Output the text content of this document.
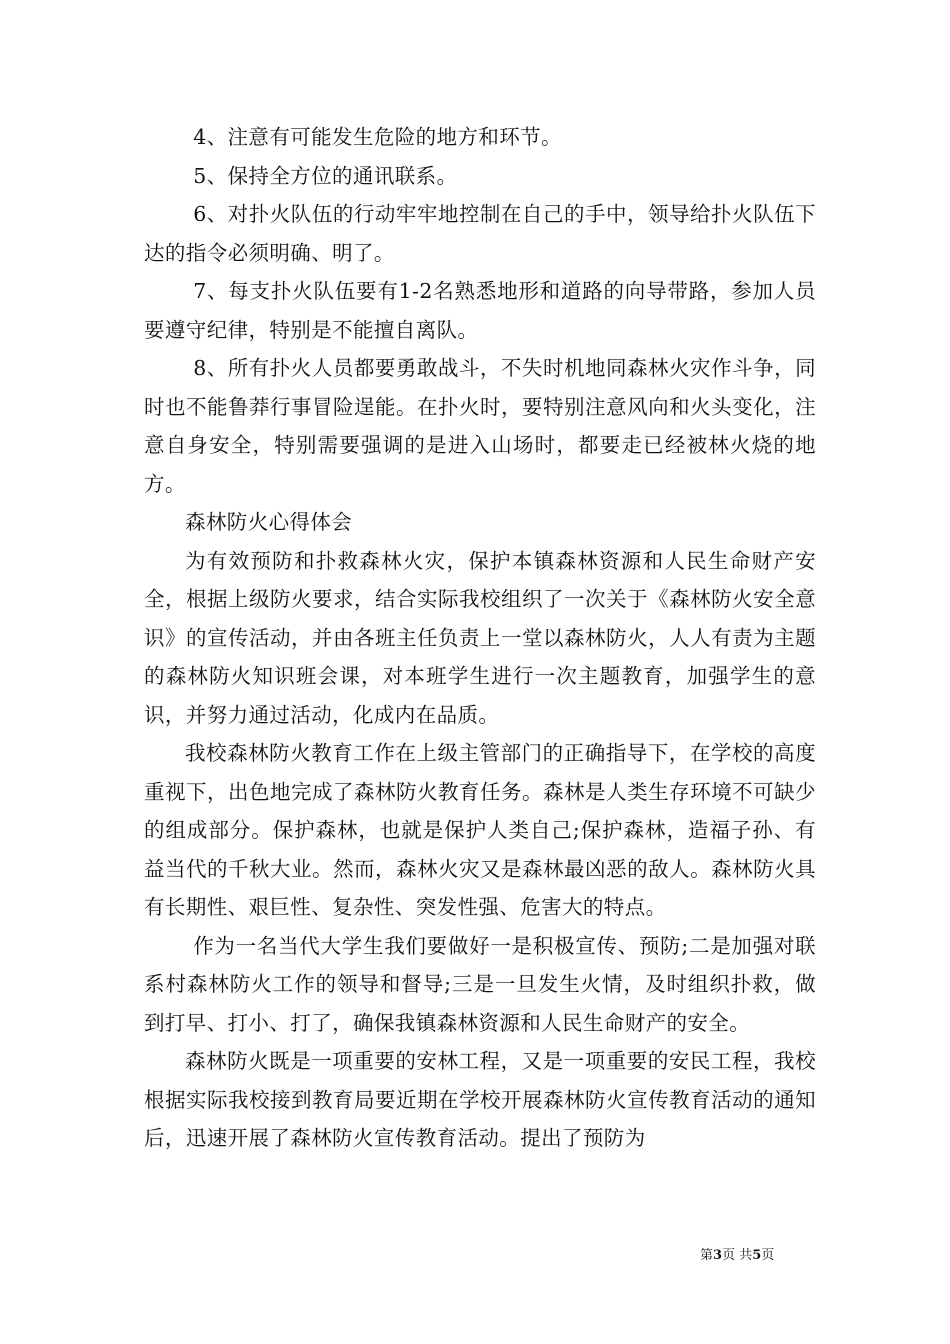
4、注意有可能发生危险的地方和环节。

5、保持全方位的通讯联系。

6、对扑火队伍的行动牢牢地控制在自己的手中，领导给扑火队伍下达的指令必须明确、明了。

7、每支扑火队伍要有1-2名熟悉地形和道路的向导带路，参加人员要遵守纪律，特别是不能擅自离队。

8、所有扑火人员都要勇敢战斗，不失时机地同森林火灾作斗争，同时也不能鲁莽行事冒险逞能。在扑火时，要特别注意风向和火头变化，注意自身安全，特别需要强调的是进入山场时，都要走已经被林火烧的地方。

森林防火心得体会

为有效预防和扑救森林火灾，保护本镇森林资源和人民生命财产安全，根据上级防火要求，结合实际我校组织了一次关于《森林防火安全意识》的宣传活动，并由各班主任负责上一堂以森林防火，人人有责为主题的森林防火知识班会课，对本班学生进行一次主题教育，加强学生的意识，并努力通过活动，化成内在品质。

我校森林防火教育工作在上级主管部门的正确指导下，在学校的高度重视下，出色地完成了森林防火教育任务。森林是人类生存环境不可缺少的组成部分。保护森林，也就是保护人类自己;保护森林，造福子孙、有益当代的千秋大业。然而，森林火灾又是森林最凶恶的敌人。森林防火具有长期性、艰巨性、复杂性、突发性强、危害大的特点。

作为一名当代大学生我们要做好一是积极宣传、预防;二是加强对联系村森林防火工作的领导和督导;三是一旦发生火情，及时组织扑救，做到打早、打小、打了，确保我镇森林资源和人民生命财产的安全。

森林防火既是一项重要的安林工程，又是一项重要的安民工程，我校根据实际我校接到教育局要近期在学校开展森林防火宣传教育活动的通知后，迅速开展了森林防火宣传教育活动。提出了预防为

第3页 共5页
